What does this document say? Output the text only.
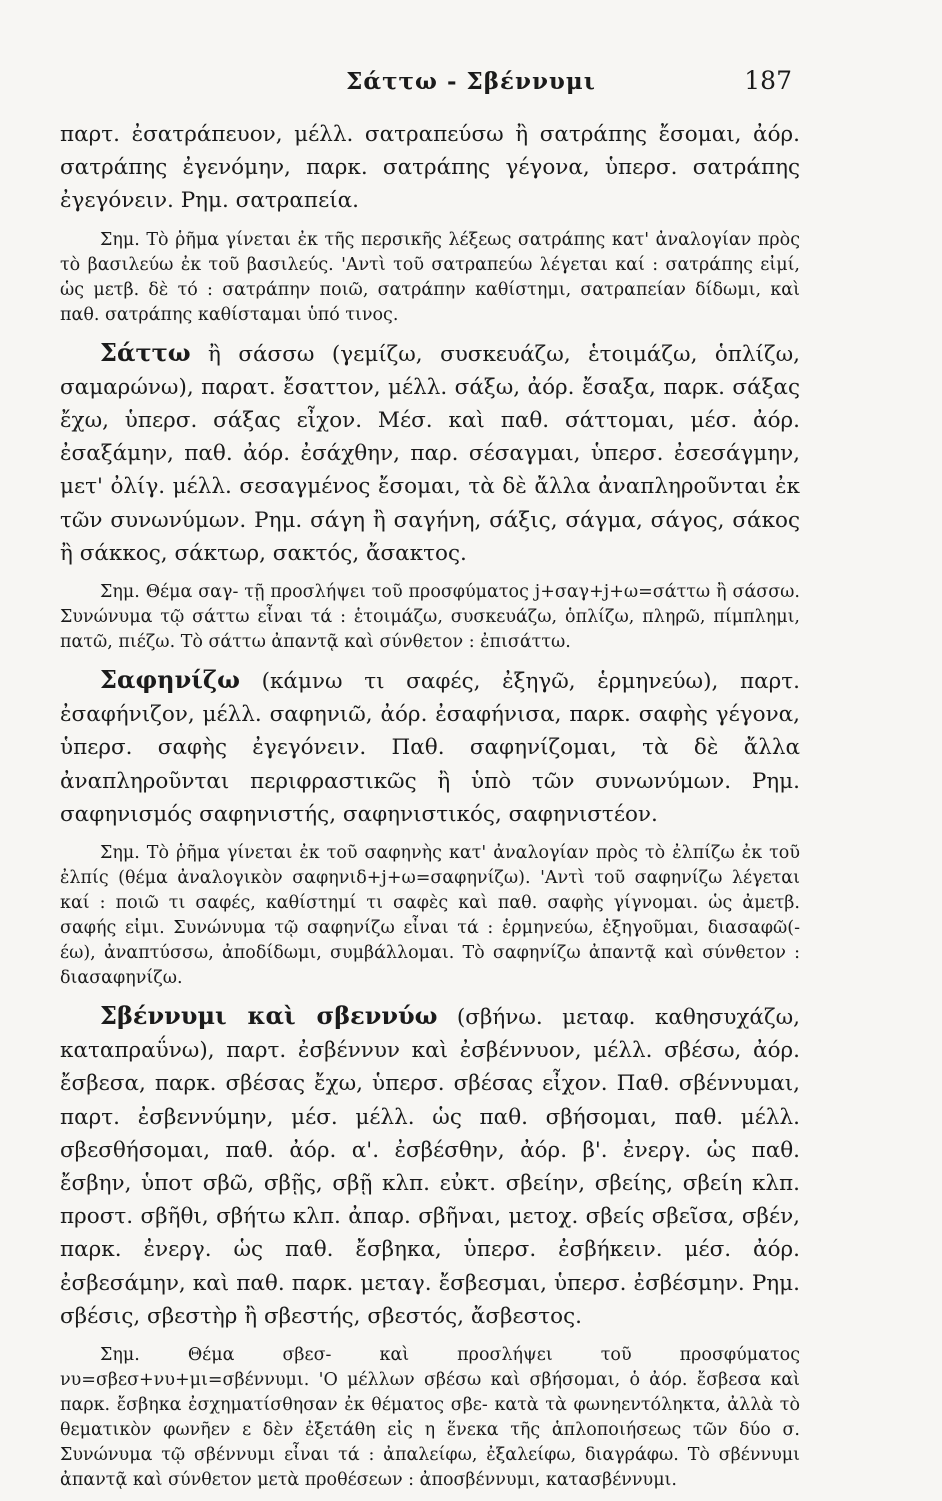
Σάττω - Σβέννυμι	187

παρτ. ἐσατράπευον, μέλλ. σατραπεύσω ἢ σατράπης ἔσομαι, ἀόρ. σατράπης ἐγενόμην, παρκ. σατράπης γέγονα, ὑπερσ. σατράπης ἐγεγόνειν. Ρημ. σατραπεία.

Σημ. Τὸ ῥῆμα γίνεται ἐκ τῆς περσικῆς λέξεως σατράπης κατ' ἀναλογίαν πρὸς τὸ βασιλεύω ἐκ τοῦ βασιλεύς. 'Αντὶ τοῦ σατραπεύω λέγεται καί : σατράπης εἰμί, ὡς μετβ. δὲ τό : σατράπην ποιῶ, σατράπην καθίστημι, σατραπείαν δίδωμι, καὶ παθ. σατράπης καθίσταμαι ὑπό τινος.

Σάττω ἢ σάσσω (γεμίζω, συσκευάζω, ἑτοιμάζω, ὁπλίζω, σαμαρώνω), παρατ. ἔσαττον, μέλλ. σάξω, ἀόρ. ἔσαξα, παρκ. σάξας ἔχω, ὑπερσ. σάξας εἶχον. Μέσ. καὶ παθ. σάττομαι, μέσ. ἀόρ. ἐσαξάμην, παθ. ἀόρ. ἐσάχθην, παρ. σέσαγμαι, ὑπερσ. ἐσεσάγμην, μετ' ὀλίγ. μέλλ. σεσαγμένος ἔσομαι, τὰ δὲ ἄλλα ἀναπληροῦνται ἐκ τῶν συνωνύμων. Ρημ. σάγη ἢ σαγήνη, σάξις, σάγμα, σάγος, σάκος ἢ σάκκος, σάκτωρ, σακτός, ἄσακτος.

Σημ. Θέμα σαγ- τῇ προσλήψει τοῦ προσφύματος j+σαγ+j+ω=σάττω ἢ σάσσω. Συνώνυμα τῷ σάττω εἶναι τά : ἑτοιμάζω, συσκευάζω, ὁπλίζω, πληρῶ, πίμπλημι, πατῶ, πιέζω. Τὸ σάττω ἀπαντᾷ καὶ σύνθετον : ἐπισάττω.

Σαφηνίζω (κάμνω τι σαφές, ἐξηγῶ, ἑρμηνεύω), παρτ. ἐσαφήνιζον, μέλλ. σαφηνιῶ, ἀόρ. ἐσαφήνισα, παρκ. σαφὴς γέγονα, ὑπερσ. σαφὴς ἐγεγόνειν. Παθ. σαφηνίζομαι, τὰ δὲ ἄλλα ἀναπληροῦνται περιφραστικῶς ἢ ὑπὸ τῶν συνωνύμων. Ρημ. σαφηνισμός σαφηνιστής, σαφηνιστικός, σαφηνιστέον.

Σημ. Τὸ ῥῆμα γίνεται ἐκ τοῦ σαφηνὴς κατ' ἀναλογίαν πρὸς τὸ ἐλπίζω ἐκ τοῦ ἐλπίς (θέμα ἀναλογικὸν σαφηνιδ+j+ω=σαφηνίζω). 'Αντὶ τοῦ σαφηνίζω λέγεται καί : ποιῶ τι σαφές, καθίστημί τι σαφὲς καὶ παθ. σαφὴς γίγνομαι. ὡς ἀμετβ. σαφής εἰμι. Συνώνυμα τῷ σαφηνίζω εἶναι τά : ἑρμηνεύω, ἐξηγοῦμαι, διασαφῶ(-έω), ἀναπτύσσω, ἀποδίδωμι, συμβάλλομαι. Τὸ σαφηνίζω ἀπαντᾷ καὶ σύνθετον : διασαφηνίζω.

Σβέννυμι καὶ σβεννύω (σβήνω. μεταφ. καθησυχάζω, καταπραΰνω), παρτ. ἐσβέννυν καὶ ἐσβέννυον, μέλλ. σβέσω, ἀόρ. ἔσβεσα, παρκ. σβέσας ἔχω, ὑπερσ. σβέσας εἶχον. Παθ. σβέννυμαι, παρτ. ἐσβεννύμην, μέσ. μέλλ. ὡς παθ. σβήσομαι, παθ. μέλλ. σβεσθήσομαι, παθ. ἀόρ. α'. ἐσβέσθην, ἀόρ. β'. ἐνεργ. ὡς παθ. ἔσβην, ὑποτ σβῶ, σβῇς, σβῇ κλπ. εὐκτ. σβείην, σβείης, σβείη κλπ. προστ. σβῆθι, σβήτω κλπ. ἀπαρ. σβῆναι, μετοχ. σβείς σβεῖσα, σβέν, παρκ. ἐνεργ. ὡς παθ. ἔσβηκα, ὑπερσ. ἐσβήκειν. μέσ. ἀόρ. ἐσβεσάμην, καὶ παθ. παρκ. μεταγ. ἔσβεσμαι, ὑπερσ. ἐσβέσμην. Ρημ. σβέσις, σβεστὴρ ἢ σβεστής, σβεστός, ἄσβεστος.

Σημ. Θέμα σβεσ- καὶ προσλήψει τοῦ προσφύματος νυ=σβεσ+νυ+μι=σβέννυμι. 'Ο μέλλων σβέσω καὶ σβήσομαι, ὁ ἀόρ. ἔσβεσα καὶ παρκ. ἔσβηκα ἐσχηματίσθησαν ἐκ θέματος σβε- κατὰ τὰ φωνηεντόληκτα, ἀλλὰ τὸ θεματικὸν φωνῆεν ε δὲν ἐξετάθη εἰς η ἕνεκα τῆς ἁπλοποιήσεως τῶν δύο σ. Συνώνυμα τῷ σβέννυμι εἶναι τά : ἀπαλείφω, ἐξαλείφω, διαγράφω. Τὸ σβέννυμι ἀπαντᾷ καὶ σύνθετον μετὰ προθέσεων : ἀποσβέννυμι, κατασβέννυμι.
